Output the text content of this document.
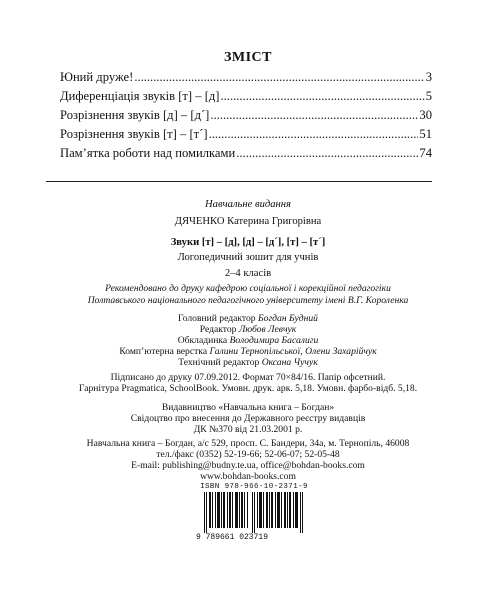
ЗМІСТ
Юний друже! .....	3
Диференціація звуків [т] – [д] .....	5
Розрізнення звуків [д] – [д´] .....	30
Розрізнення звуків [т] – [т´] .....	51
Пам’ятка роботи над помилками .....	74
Навчальне видання
ДЯЧЕНКО Катерина Григорівна
Звуки [т] – [д], [д] – [д´], [т] – [т´]
Логопедичний зошит для учнів
2–4 класів
Рекомендовано до друку кафедрою соціальної і корекційної педагогіки
Полтавського національного педагогічного університету імені В.Г. Короленка
Головний редактор Богдан Будний
Редактор Любов Левчук
Обкладинка Володимира Басалиги
Комп’ютерна верстка Галини Тернопільської, Олени Захарійчук
Технічний редактор Оксана Чучук
Підписано до друку 07.09.2012. Формат 70×84/16. Папір офсетний.
Гарнітура Pragmatica, SchoolBook. Умовн. друк. арк. 5,18. Умовн. фарбо-відб. 5,18.
Видавництво «Навчальна книга – Богдан»
Свідоцтво про внесення до Державного реєстру видавців
ДК №370 від 21.03.2001 р.
Навчальна книга – Богдан, а/с 529, просп. С. Бандери, 34а, м. Тернопіль, 46008
тел./факс (0352) 52-19-66; 52-06-07; 52-05-48
E-mail: publishing@budny.te.ua, office@bohdan-books.com
www.bohdan-books.com
ISBN 978-966-10-2371-9
9 789661 023719
